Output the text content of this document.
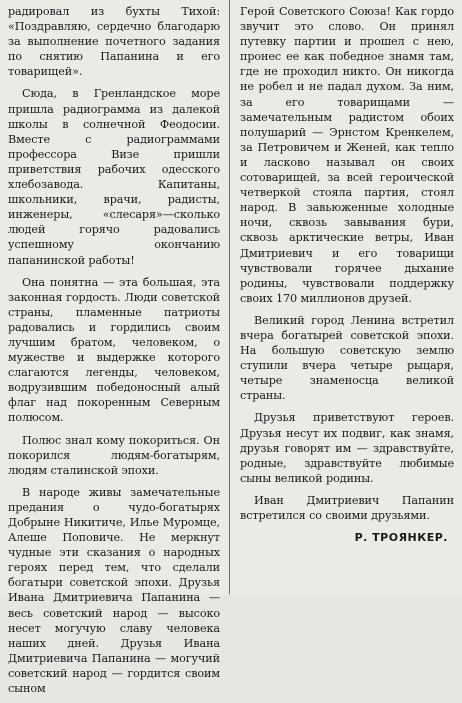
радировал из бухты Тихой: «Поздравляю, сердечно благодарю за выполнение почетного задания по снятию Папанина и его товарищей».

Сюда, в Гренландское море пришла радиограмма из далекой школы в солнечной Феодосии. Вместе с радиограммами профессора Визе пришли приветствия рабочих одесского хлебозавода. Капитаны, школьники, врачи, радисты, инженеры, «слесаря»—сколько людей горячо радовались успешному окончанию папанинской работы!

Она понятна — эта большая, эта законная гордость. Люди советской страны, пламенные патриоты радовались и гордились своим лучшим братом, человеком, о мужестве и выдержке которого слагаются легенды, человеком, водрузившим победоносный алый флаг над покоренным Северным полюсом.

Полюс знал кому покориться. Он покорился людям-богатырям, людям сталинской эпохи.

В народе живы замечательные предания о чудо-богатырях Добрыне Никитиче, Илье Муромце, Алеше Поповиче. Не меркнут чудные эти сказания о народных героях перед тем, что сделали богатыри советской эпохи. Друзья Ивана Дмитриевича Папанина — весь советский народ — высоко несет могучую славу человека наших дней. Друзья Ивана Дмитриевича Папанина — могучий советский народ — гордится своим сыном

Герой Советского Союза! Как гордо звучит это слово. Он принял путевку партии и прошел с нею, пронес ее как победное знамя там, где не проходил никто. Он никогда не робел и не падал духом. За ним, за его товарищами — замечательным радистом обоих полушарий — Эрнстом Кренкелем, за Петровичем и Женей, как тепло и ласково называл он своих сотоварищей, за всей героической четверкой стояла партия, стоял народ. В завьюженные холодные ночи, сквозь завывания бури, сквозь арктические ветры, Иван Дмитриевич и его товарищи чувствовали горячее дыхание родины, чувствовали поддержку своих 170 миллионов друзей.

Великий город Ленина встретил вчера богатырей советской эпохи. На большую советскую землю ступили вчера четыре рыцаря, четыре знаменосца великой страны.

Друзья приветствуют героев. Друзья несут их подвиг, как знамя, друзья говорят им — здравствуйте, родные, здравствуйте любимые сыны великой родины.

Иван Дмитриевич Папанин встретился со своими друзьями.

Р. ТРОЯНКЕР.
